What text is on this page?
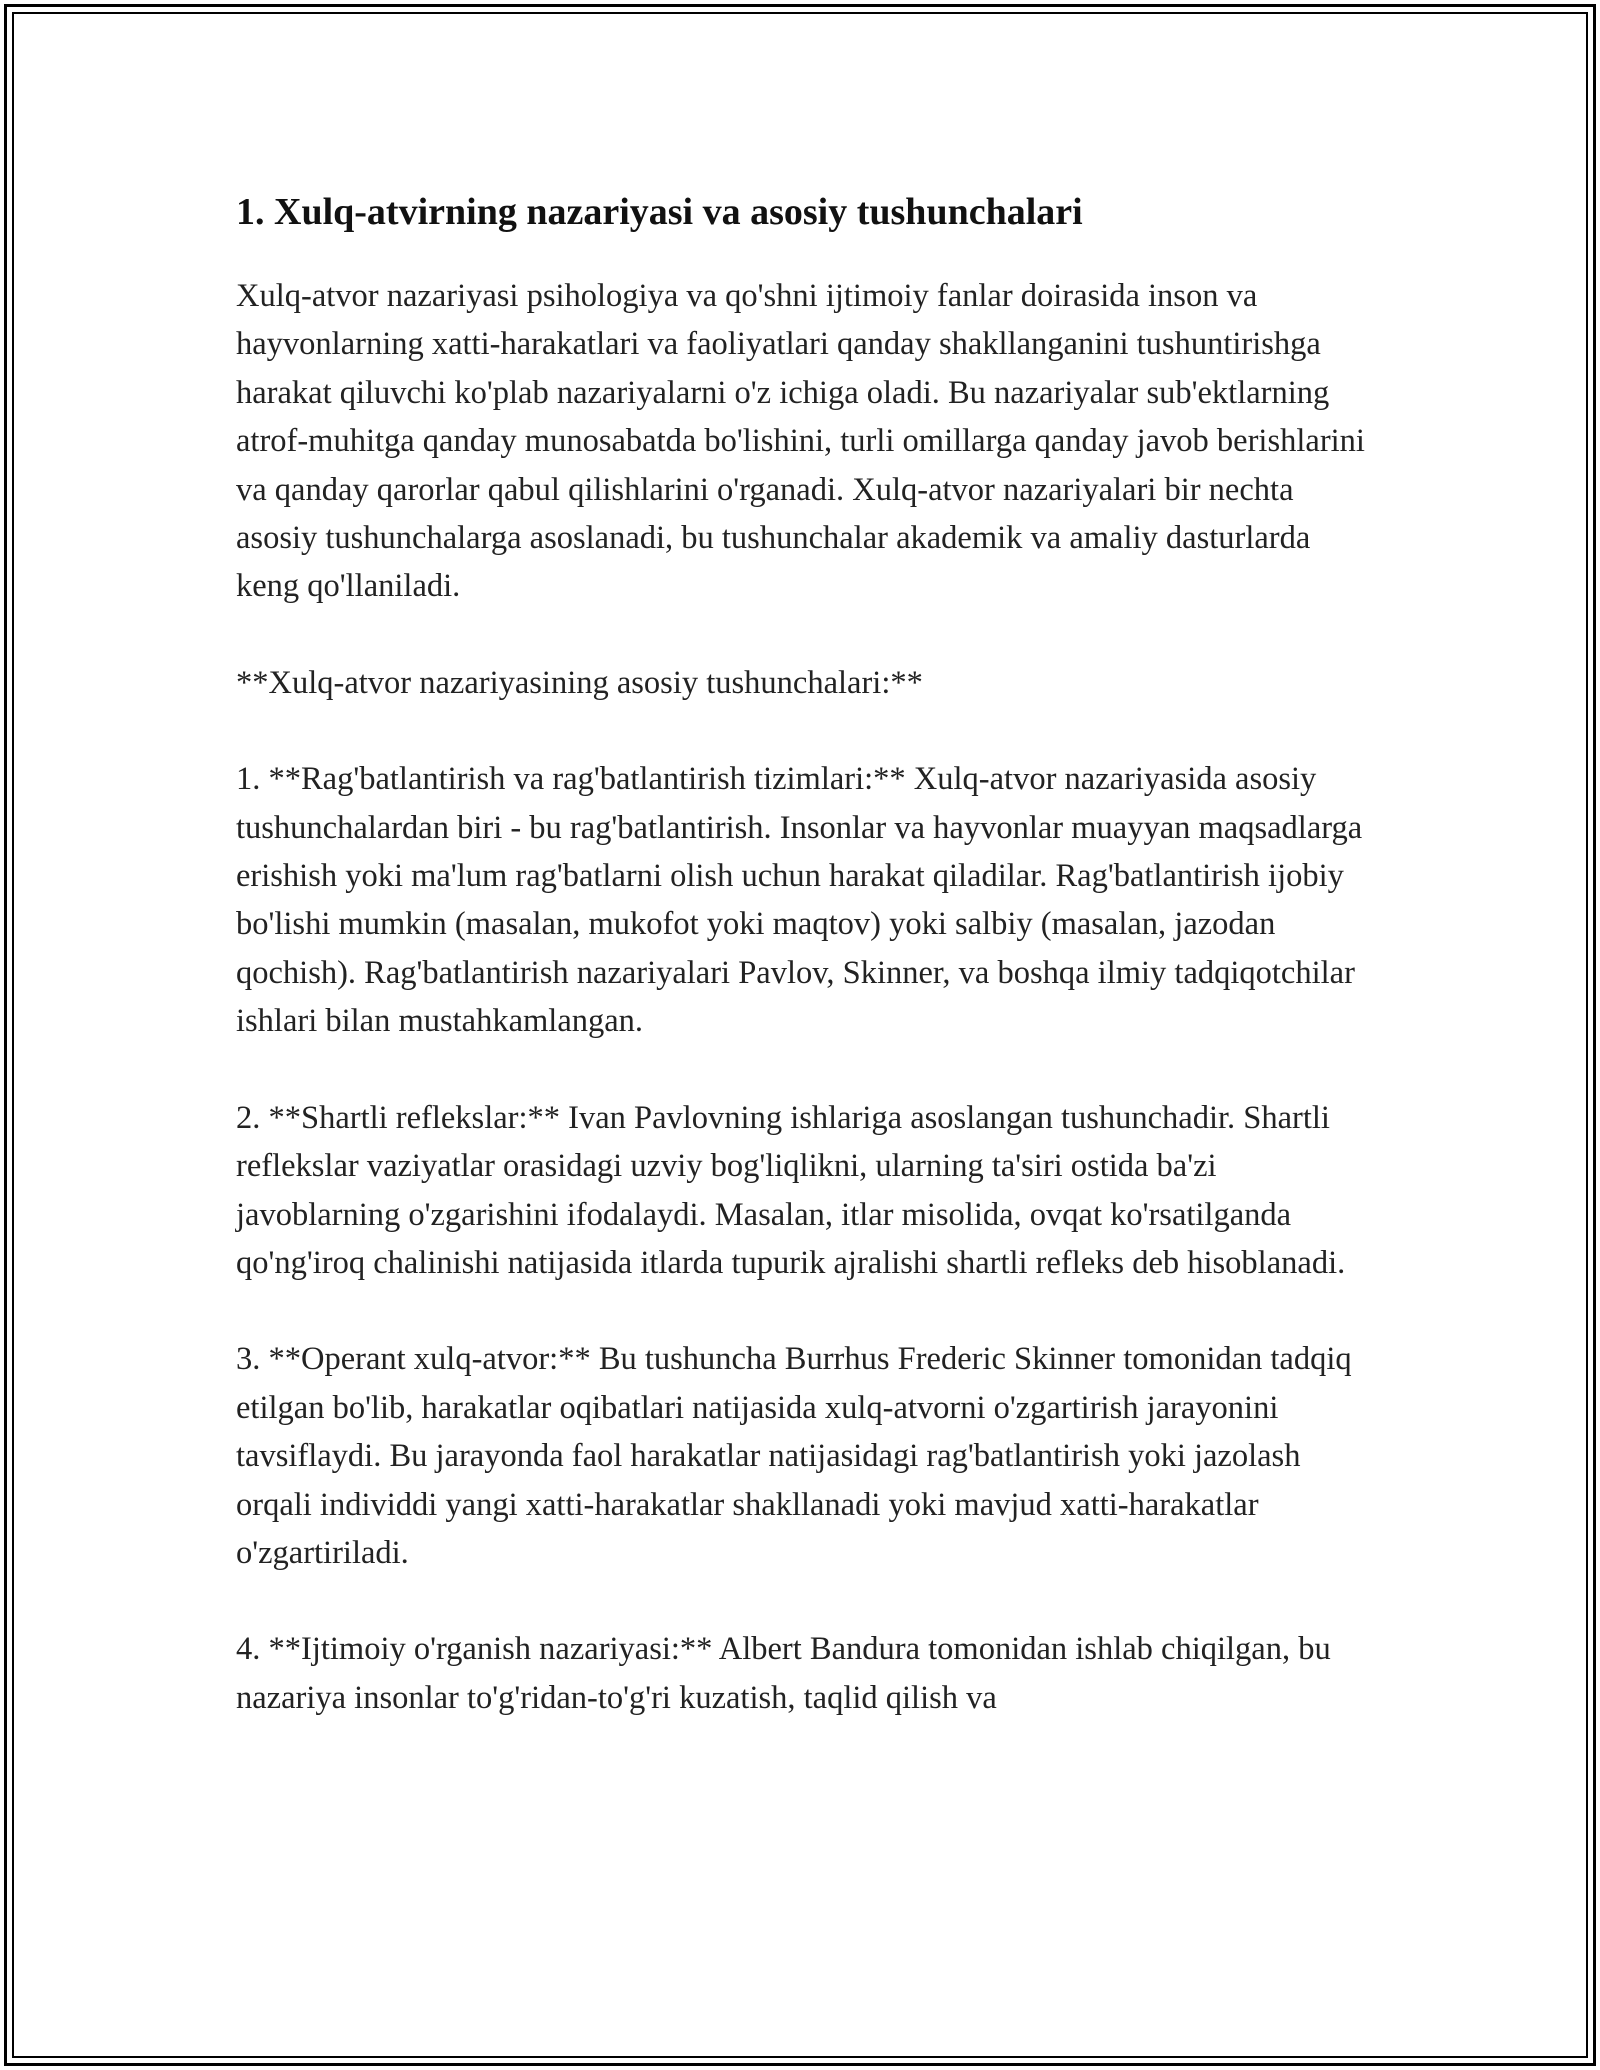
1. Xulq-atvirning nazariyasi va asosiy tushunchalari

Xulq-atvor nazariyasi psihologiya va qo'shni ijtimoiy fanlar doirasida inson va hayvonlarning xatti-harakatlari va faoliyatlari qanday shakllanganini tushuntirishga harakat qiluvchi ko'plab nazariyalarni o'z ichiga oladi. Bu nazariyalar sub'ektlarning atrof-muhitga qanday munosabatda bo'lishini, turli omillarga qanday javob berishlarini va qanday qarorlar qabul qilishlarini o'rganadi. Xulq-atvor nazariyalari bir nechta asosiy tushunchalarga asoslanadi, bu tushunchalar akademik va amaliy dasturlarda keng qo'llaniladi.

**Xulq-atvor nazariyasining asosiy tushunchalari:**

1. **Rag'batlantirish va rag'batlantirish tizimlari:** Xulq-atvor nazariyasida asosiy tushunchalardan biri - bu rag'batlantirish. Insonlar va hayvonlar muayyan maqsadlarga erishish yoki ma'lum rag'batlarni olish uchun harakat qiladilar. Rag'batlantirish ijobiy bo'lishi mumkin (masalan, mukofot yoki maqtov) yoki salbiy (masalan, jazodan qochish). Rag'batlantirish nazariyalari Pavlov, Skinner, va boshqa ilmiy tadqiqotchilar ishlari bilan mustahkamlangan.

2. **Shartli reflekslar:** Ivan Pavlovning ishlariga asoslangan tushunchadir. Shartli reflekslar vaziyatlar orasidagi uzviy bog'liqlikni, ularning ta'siri ostida ba'zi javoblarning o'zgarishini ifodalaydi. Masalan, itlar misolida, ovqat ko'rsatilganda qo'ng'iroq chalinishi natijasida itlarda tupurik ajralishi shartli refleks deb hisoblanadi.

3. **Operant xulq-atvor:** Bu tushuncha Burrhus Frederic Skinner tomonidan tadqiq etilgan bo'lib, harakatlar oqibatlari natijasida xulq-atvorni o'zgartirish jarayonini tavsiflaydi. Bu jarayonda faol harakatlar natijasidagi rag'batlantirish yoki jazolash orqali individdi yangi xatti-harakatlar shakllanadi yoki mavjud xatti-harakatlar o'zgartiriladi.

4. **Ijtimoiy o'rganish nazariyasi:** Albert Bandura tomonidan ishlab chiqilgan, bu nazariya insonlar to'g'ridan-to'g'ri kuzatish, taqlid qilish va
